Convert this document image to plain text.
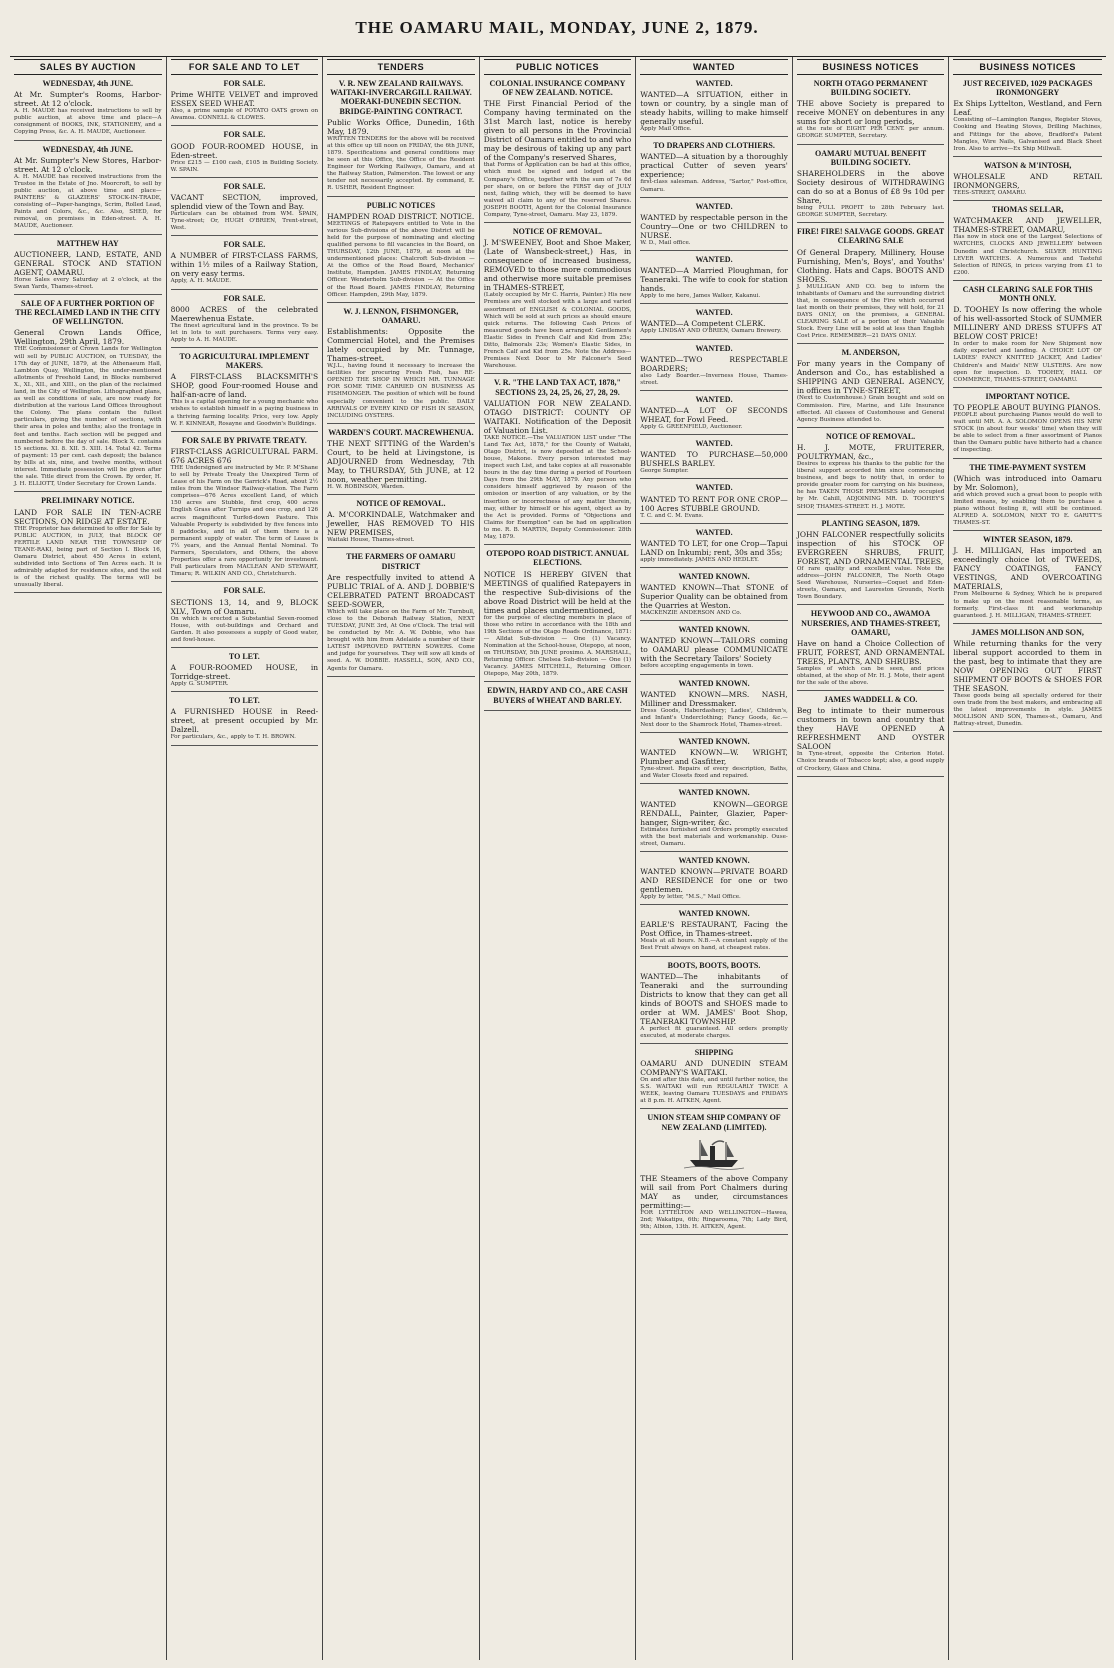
THE OAMARU MAIL, MONDAY, JUNE 2, 1879.
SALES BY AUCTION
WEDNESDAY, 4th JUNE.
At Mr. Sumpter's Rooms, Harbor-street. At 12 o'clock.
A. H. MAUDE has received instructions to sell by public auction, at above time and place—A consignment of BOOKS, INK, STATIONERY, and a Copying Press, &c. A. H. MAUDE, Auctioneer.
WEDNESDAY, 4th JUNE.
At Mr. Sumpter's New Stores, Harbor-street. At 12 o'clock.
A. H. MAUDE has received instructions from the Trustee in the Estate of Jno. Moorcroft, to sell by public auction, at above time and place—PAINTERS' & GLAZIERS' STOCK-IN-TRADE, consisting of—Paper-hangings, Scrim, Rolled Lead, Paints and Colors, &c., &c. Also, SHED, for removal, on premises in Eden-street. A. H. MAUDE, Auctioneer.
MATTHEW HAY
AUCTIONEER, LAND, ESTATE, AND GENERAL STOCK AND STATION AGENT, OAMARU.
Horse Sales every Saturday at 2 o'clock, at the Swan Yards, Thames-street.
SALE OF A FURTHER PORTION OF THE RECLAIMED LAND IN THE CITY OF WELLINGTON.
General Crown Lands Office, Wellington, 29th April, 1879.
THE Commissioner of Crown Lands for Wellington will sell by PUBLIC AUCTION, on TUESDAY, the 17th day of JUNE, 1879, at the Athenaeum Hall, Lambton Quay, Wellington, the under-mentioned allotments of Freehold Land, in Blocks numbered X., XI., XII., and XIII., on the plan of the reclaimed land, in the City of Wellington. Lithographed plans, as well as conditions of sale, are now ready for distribution at the various Land Offices throughout the Colony. The plans contain the fullest particulars, giving the number of sections, with their area in poles and tenths; also the frontage in feet and tenths. Each section will be pegged and numbered before the day of sale. Block X. contains 15 sections. XI. 8. XII. 5. XIII. 14. Total 42. Terms of payment: 15 per cent. cash deposit; the balance by bills at six, nine, and twelve months, without interest. Immediate possession will be given after the sale. Title direct from the Crown. By order, H. J. H. ELLIOTT, Under Secretary for Crown Lands.
PRELIMINARY NOTICE.
LAND FOR SALE IN TEN-ACRE SECTIONS, ON RIDGE AT ESTATE.
THE Proprietor has determined to offer for Sale by PUBLIC AUCTION, in JULY, that BLOCK OF FERTILE LAND NEAR THE TOWNSHIP OF TEANE-RAKI, being part of Section I. Block 16, Oamaru District, about 450 Acres in extent, subdivided into Sections of Ten Acres each. It is admirably adapted for residence sites, and the soil is of the richest quality. The terms will be unusually liberal.
FOR SALE AND TO LET
FOR SALE.
Prime WHITE VELVET and improved ESSEX SEED WHEAT.
Also, a prime sample of POTATO OATS grown on Awamoa. CONNELL & CLOWES.
FOR SALE.
GOOD FOUR-ROOMED HOUSE, in Eden-street.
Price £215 — £100 cash, £105 in Building Society. W. SPAIN.
FOR SALE.
VACANT SECTION, improved, splendid view of the Town and Bay.
Particulars can be obtained from WM. SPAIN, Tyne-street; Or, HUGH O'BRIEN, Trent-street, West.
FOR SALE.
A NUMBER of FIRST-CLASS FARMS, within 1½ miles of a Railway Station, on very easy terms.
Apply, A. H. MAUDE.
FOR SALE.
8000 ACRES of the celebrated Maerewhenua Estate.
The finest agricultural land in the province. To be let in lots to suit purchasers. Terms very easy. Apply to A. H. MAUDE.
TO AGRICULTURAL IMPLEMENT MAKERS.
A FIRST-CLASS BLACKSMITH'S SHOP, good Four-roomed House and half-an-acre of land.
This is a capital opening for a young mechanic who wishes to establish himself in a paying business in a thriving farming locality. Price, very low. Apply W. F. KINNEAR, Rosayne and Goodwin's Buildings.
FOR SALE BY PRIVATE TREATY.
FIRST-CLASS AGRICULTURAL FARM. 676 ACRES 676
THE Undersigned are instructed by Mr. P. M'Shane to sell by Private Treaty the Unexpired Term of Lease of his Farm on the Garrick's Road, about 2½ miles from the Windsor Railway-station. The Farm comprises—676 Acres excellent Land, of which 150 acres are Stubble, first crop, 400 acres English Grass after Turnips and one crop, and 126 acres magnificent Turfed-down Pasture. This Valuable Property is subdivided by five fences into 8 paddocks, and in all of them there is a permanent supply of water. The term of Lease is 7½ years, and the Annual Rental Nominal. To Farmers, Speculators, and Others, the above Properties offer a rare opportunity for investment. Full particulars from MACLEAN AND STEWART, Timaru; R. WILKIN AND CO., Christchurch.
FOR SALE.
SECTIONS 13, 14, and 9, BLOCK XLV., Town of Oamaru.
On which is erected a Substantial Seven-roomed House, with out-buildings and Orchard and Garden. It also possesses a supply of Good water, and fowl-house.
TO LET.
A FOUR-ROOMED HOUSE, in Torridge-street.
Apply G. SUMPTER.
TO LET.
A FURNISHED HOUSE in Reed-street, at present occupied by Mr. Dalzell.
For particulars, &c., apply to T. H. BROWN.
TENDERS
V. R. NEW ZEALAND RAILWAYS. WAITAKI-INVERCARGILL RAILWAY. MOERAKI-DUNEDIN SECTION. BRIDGE-PAINTING CONTRACT.
Public Works Office, Dunedin, 16th May, 1879.
WRITTEN TENDERS for the above will be received at this office up till noon on FRIDAY, the 6th JUNE, 1879. Specifications and general conditions may be seen at this Office, the Office of the Resident Engineer for Working Railways, Oamaru, and at the Railway Station, Palmerston. The lowest or any tender not necessarily accepted. By command, E. R. USHER, Resident Engineer.
PUBLIC NOTICES
HAMPDEN ROAD DISTRICT. NOTICE.
MEETINGS of Ratepayers entitled to Vote in the various Sub-divisions of the above District will be held for the purpose of nominating and electing qualified persons to fill vacancies in the Board, on THURSDAY, 12th JUNE, 1879, at noon at the undermentioned places: Chalcroft Sub-division — At the Office of the Road Board, Mechanics' Institute, Hampden. JAMES FINDLAY, Returning Officer. Wenderholm Sub-division — At the Office of the Road Board. JAMES FINDLAY, Returning Officer. Hampden, 29th May, 1879.
W. J. LENNON, FISHMONGER, OAMARU.
Establishments: Opposite the Commercial Hotel, and the Premises lately occupied by Mr. Tunnage, Thames-street.
W.J.L., having found it necessary to increase the facilities for procuring Fresh Fish, has RE-OPENED THE SHOP IN WHICH MR. TUNNAGE FOR SOME TIME CARRIED ON BUSINESS AS FISHMONGER. The position of which will be found especially convenient to the public. DAILY ARRIVALS OF EVERY KIND OF FISH IN SEASON, INCLUDING OYSTERS.
WARDEN'S COURT. MACREWHENUA.
THE NEXT SITTING of the Warden's Court, to be held at Livingstone, is ADJOURNED from Wednesday, 7th May, to THURSDAY, 5th JUNE, at 12 noon, weather permitting.
H. W. ROBINSON, Warden.
NOTICE OF REMOVAL.
A. M'CORKINDALE, Watchmaker and Jeweller, HAS REMOVED TO HIS NEW PREMISES,
Waitaki House, Thames-street.
THE FARMERS OF OAMARU DISTRICT
Are respectfully invited to attend A PUBLIC TRIAL of A. AND J. DOBBIE'S CELEBRATED PATENT BROADCAST SEED-SOWER,
Which will take place on the Farm of Mr. Turnbull, close to the Deborah Railway Station, NEXT TUESDAY, JUNE 3rd, At One o'Clock. The trial will be conducted by Mr. A. W. Dobbie, who has brought with him from Adelaide a number of their LATEST IMPROVED PATTERN SOWERS. Come and judge for yourselves. They will sow all kinds of seed. A. W. DOBBIE. HASSELL, SON, AND CO., Agents for Oamaru.
PUBLIC NOTICES
COLONIAL INSURANCE COMPANY OF NEW ZEALAND. NOTICE.
THE First Financial Period of the Company having terminated on the 31st March last, notice is hereby given to all persons in the Provincial District of Oamaru entitled to and who may be desirous of taking up any part of the Company's reserved Shares,
that Forms of Application can be had at this office, which must be signed and lodged at the Company's Office, together with the sum of 7s 6d per share, on or before the FIRST day of JULY next, failing which, they will be deemed to have waived all claim to any of the reserved Shares. JOSEPH BOOTH, Agent for the Colonial Insurance Company, Tyne-street, Oamaru. May 23, 1879.
NOTICE OF REMOVAL.
J. M'SWEENEY, Boot and Shoe Maker, (Late of Wansbeck-street,) Has, in consequence of increased business, REMOVED to those more commodious and otherwise more suitable premises in THAMES-STREET,
(Lately occupied by Mr C. Harris, Painter.) His new Premises are well stocked with a large and varied assortment of ENGLISH & COLONIAL GOODS, Which will be sold at such prices as should ensure quick returns. The following Cash Prices of measured goods have been arranged: Gentlemen's Elastic Sides in French Calf and Kid from 25s; Ditto, Balmorals 23s; Women's Elastic Sides, in French Calf and Kid from 25s. Note the Address—Premises Next Door to Mr Falconer's Seed Warehouse.
V. R. "THE LAND TAX ACT, 1878," SECTIONS 23, 24, 25, 26, 27, 28, 29.
VALUATION FOR NEW ZEALAND. OTAGO DISTRICT: COUNTY OF WAITAKI. Notification of the Deposit of Valuation List.
TAKE NOTICE.—The VALUATION LIST under "The Land Tax Act, 1878," for the County of Waitaki, Otago District, is now deposited at the School-house, Makone. Every person interested may inspect such List, and take copies at all reasonable hours in the day time during a period of Fourteen Days from the 29th MAY, 1879. Any person who considers himself aggrieved by reason of the omission or insertion of any valuation, or by the insertion or incorrectness of any matter therein, may, either by himself or his agent, object as by the Act is provided. Forms of "Objections and Claims for Exemption" can be had on application to me. R. B. MARTIN, Deputy Commissioner. 28th May, 1879.
OTEPOPO ROAD DISTRICT. ANNUAL ELECTIONS.
NOTICE IS HEREBY GIVEN that MEETINGS of qualified Ratepayers in the respective Sub-divisions of the above Road District will be held at the times and places undermentioned,
for the purpose of electing members in place of those who retire in accordance with the 18th and 19th Sections of the Otago Roads Ordinance, 1871:— Alldat Sub-division — One (1) Vacancy. Nomination at the School-house, Otepopo, at noon, on THURSDAY, 5th JUNE proximo. A. MARSHALL, Returning Officer. Chelsea Sub-division — One (1) Vacancy. JAMES MITCHELL, Returning Officer. Otepopo, May 20th, 1879.
EDWIN, HARDY AND CO., ARE CASH BUYERS of WHEAT AND BARLEY.
WANTED
WANTED.
WANTED—A SITUATION, either in town or country, by a single man of steady habits, willing to make himself generally useful.
Apply Mail Office.
TO DRAPERS AND CLOTHIERS.
WANTED—A situation by a thoroughly practical Cutter of seven years' experience;
first-class salesman. Address, "Sartor," Post-office, Oamaru.
WANTED.
WANTED by respectable person in the Country—One or two CHILDREN to NURSE.
W. D., Mail office.
WANTED.
WANTED—A Married Ploughman, for Teaneraki. The wife to cook for station hands.
Apply to me here, James Walker, Kakanui.
WANTED.
WANTED—A Competent CLERK.
Apply LINDSAY AND O'BRIEN, Oamaru Brewery.
WANTED.
WANTED—TWO RESPECTABLE BOARDERS;
also Lady Boarder.—Inverness House, Thames-street.
WANTED.
WANTED—A LOT OF SECONDS WHEAT, for Fowl Feed.
Apply G. GREENFIELD, Auctioneer.
WANTED.
WANTED TO PURCHASE—50,000 BUSHELS BARLEY.
George Sumpter.
WANTED.
WANTED TO RENT FOR ONE CROP—100 Acres STUBBLE GROUND.
T. C. and C. M. Evans.
WANTED.
WANTED TO LET, for one Crop—Tapui LAND on Inkumbi; rent, 30s and 35s;
apply immediately. JAMES AND HEDLEY.
WANTED KNOWN.
WANTED KNOWN—That STONE of Superior Quality can be obtained from the Quarries at Weston.
MACKENZIE ANDERSON AND Co.
WANTED KNOWN.
WANTED KNOWN—TAILORS coming to OAMARU please COMMUNICATE with the Secretary Tailors' Society
before accepting engagements in town.
WANTED KNOWN.
WANTED KNOWN—MRS. NASH, Milliner and Dressmaker.
Dress Goods, Haberdashery; Ladies', Children's, and Infant's Underclothing; Fancy Goods, &c.—Next door to the Shamrock Hotel, Thames-street.
WANTED KNOWN.
WANTED KNOWN—W. WRIGHT, Plumber and Gasfitter,
Tyne-street. Repairs of every description, Baths, and Water Closets fixed and repaired.
WANTED KNOWN.
WANTED KNOWN—GEORGE RENDALL, Painter, Glazier, Paper-hanger, Sign-writer, &c.
Estimates furnished and Orders promptly executed with the best materials and workmanship. Ouse-street, Oamaru.
WANTED KNOWN.
WANTED KNOWN—PRIVATE BOARD AND RESIDENCE for one or two gentlemen.
Apply by letter, "M.S.," Mail Office.
WANTED KNOWN.
EARLE'S RESTAURANT, Facing the Post Office, in Thames-street.
Meals at all hours. N.B.—A constant supply of the Best Fruit always on hand, at cheapest rates.
BOOTS, BOOTS, BOOTS.
WANTED—The inhabitants of Teaneraki and the surrounding Districts to know that they can get all kinds of BOOTS and SHOES made to order at WM. JAMES' Boot Shop, TEANERAKI TOWNSHIP.
A perfect fit guaranteed. All orders promptly executed, at moderate charges.
SHIPPING
OAMARU AND DUNEDIN STEAM COMPANY'S WAITAKI.
On and after this date, and until further notice, the S.S. WAITAKI will run REGULARLY TWICE A WEEK, leaving Oamaru TUESDAYS and FRIDAYS at 8 p.m. H. AITKEN, Agent.
UNION STEAM SHIP COMPANY OF NEW ZEALAND (LIMITED).
THE Steamers of the above Company will sail from Port Chalmers during MAY as under, circumstances permitting:—
FOR LYTTELTON AND WELLINGTON—Hawea, 2nd; Wakatipu, 6th; Ringarooma, 7th; Lady Bird, 9th; Albion, 13th. H. AITKEN, Agent.
BUSINESS NOTICES
NORTH OTAGO PERMANENT BUILDING SOCIETY.
THE above Society is prepared to receive MONEY on debentures in any sums for short or long periods,
at the rate of EIGHT PER CENT. per annum. GEORGE SUMPTER, Secretary.
OAMARU MUTUAL BENEFIT BUILDING SOCIETY.
SHAREHOLDERS in the above Society desirous of WITHDRAWING can do so at a Bonus of £8 9s 10d per Share,
being FULL PROFIT to 28th February last. GEORGE SUMPTER, Secretary.
FIRE! FIRE! SALVAGE GOODS. GREAT CLEARING SALE
Of General Drapery, Millinery, House Furnishing, Men's, Boys', and Youths' Clothing. Hats and Caps. BOOTS AND SHOES.
J. MULLIGAN AND CO. beg to inform the inhabitants of Oamaru and the surrounding district that, in consequence of the Fire which occurred last month on their premises, they will hold, for 21 DAYS ONLY, on the premises, a GENERAL CLEARING SALE of a portion of their Valuable Stock. Every Line will be sold at less than English Cost Price. REMEMBER—21 DAYS ONLY.
M. ANDERSON,
For many years in the Company of Anderson and Co., has established a SHIPPING AND GENERAL AGENCY, in offices in TYNE-STREET,
(Next to Customhouse.) Grain bought and sold on Commission. Fire, Marine, and Life Insurance effected. All classes of Customhouse and General Agency Business attended to.
NOTICE OF REMOVAL.
H. J. MOTE, FRUITERER, POULTRYMAN, &c.,
Desires to express his thanks to the public for the liberal support accorded him since commencing business, and begs to notify that, in order to provide greater room for carrying on his business, he has TAKEN THOSE PREMISES lately occupied by Mr. Cahill, ADJOINING MR. D. TOOHEY'S SHOP, THAMES-STREET. H. J. MOTE.
PLANTING SEASON, 1879.
JOHN FALCONER respectfully solicits inspection of his STOCK OF EVERGREEN SHRUBS, FRUIT, FOREST, AND ORNAMENTAL TREES,
Of rare quality and excellent value. Note the address—JOHN FALCONER, The North Otago Seed Warehouse, Nurseries—Coquet and Eden-streets, Oamaru, and Laureston Grounds, North Town Boundary.
HEYWOOD AND CO., AWAMOA NURSERIES, AND THAMES-STREET, OAMARU,
Have on hand a Choice Collection of FRUIT, FOREST, AND ORNAMENTAL TREES, PLANTS, AND SHRUBS.
Samples of which can be seen, and prices obtained, at the shop of Mr. H. J. Mote, their agent for the sale of the above.
JAMES WADDELL & CO.
Beg to intimate to their numerous customers in town and country that they HAVE OPENED A REFRESHMENT AND OYSTER SALOON
In Tyne-street, opposite the Criterion Hotel. Choice brands of Tobacco kept; also, a good supply of Crockery, Glass and China.
BUSINESS NOTICES
JUST RECEIVED, 1029 PACKAGES IRONMONGERY
Ex Ships Lyttelton, Westland, and Fern Leaf.
Consisting of—Lamington Ranges, Register Stoves, Cooking and Heating Stoves, Drilling Machines, and Fittings for the above, Bradford's Patent Mangles, Wire Nails, Galvanised and Black Sheet Iron. Also to arrive—Ex Ship Millwall.
WATSON & M'INTOSH,
WHOLESALE AND RETAIL IRONMONGERS,
TEES-STREET, OAMARU.
THOMAS SELLAR,
WATCHMAKER AND JEWELLER, THAMES-STREET, OAMARU,
Has now in stock one of the Largest Selections of WATCHES, CLOCKS AND JEWELLERY between Dunedin and Christchurch. SILVER HUNTING LEVER WATCHES. A Numerous and Tasteful Selection of RINGS, in prices varying from £1 to £200.
CASH CLEARING SALE FOR THIS MONTH ONLY.
D. TOOHEY Is now offering the whole of his well-assorted Stock of SUMMER MILLINERY AND DRESS STUFFS AT BELOW COST PRICE!
In order to make room for New Shipment now daily expected and landing. A CHOICE LOT OF LADIES' FANCY KNITTED JACKET, And Ladies' Children's and Maids' NEW ULSTERS. Are now open for inspection. D. TOOHEY, HALL OF COMMERCE, THAMES-STREET, OAMARU.
IMPORTANT NOTICE.
TO PEOPLE ABOUT BUYING PIANOS.
PEOPLE about purchasing Pianos would do well to wait until MR. A. A. SOLOMON OPENS HIS NEW STOCK (in about four weeks' time) when they will be able to select from a finer assortment of Pianos than the Oamaru public have hitherto had a chance of inspecting.
THE TIME-PAYMENT SYSTEM
(Which was introduced into Oamaru by Mr. Solomon),
and which proved such a great boon to people with limited means, by enabling them to purchase a piano without feeling it, will still be continued. ALFRED A. SOLOMON, NEXT TO E. GARITT'S THAMES-ST.
WINTER SEASON, 1879.
J. H. MILLIGAN, Has imported an exceedingly choice lot of TWEEDS, FANCY COATINGS, FANCY VESTINGS, AND OVERCOATING MATERIALS,
From Melbourne & Sydney, Which he is prepared to make up on the most reasonable terms, as formerly. First-class fit and workmanship guaranteed. J. H. MILLIGAN, THAMES-STREET.
JAMES MOLLISON AND SON,
While returning thanks for the very liberal support accorded to them in the past, beg to intimate that they are NOW OPENING OUT FIRST SHIPMENT OF BOOTS & SHOES FOR THE SEASON.
These goods being all specially ordered for their own trade from the best makers, and embracing all the latest improvements in style. JAMES MOLLISON AND SON, Thames-st., Oamaru, And Rattray-street, Dunedin.
